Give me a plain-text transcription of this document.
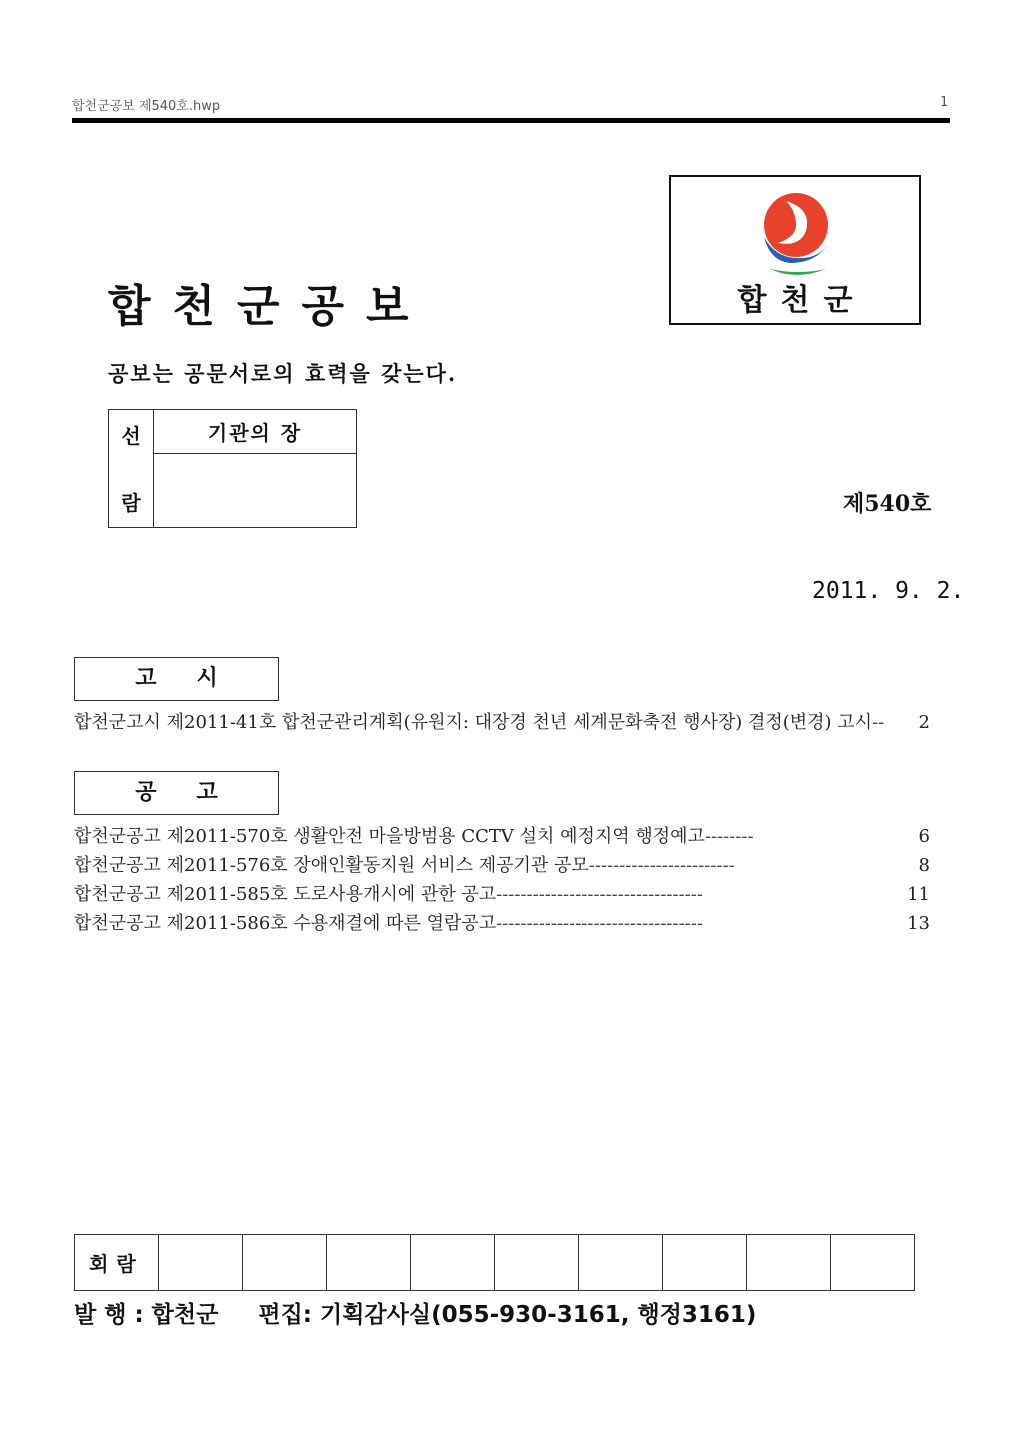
합천군공보 제540호.hwp	1
합천군공보
공보는 공문서로의 효력을 갖는다.
합천군
선
람
	기관의 장

제540호
2011. 9. 2.
고시
합천군고시 제2011-41호 합천군관리계획(유원지: 대장경 천년 세계문화축전 행사장) 결정(변경) 고시 --	2
공고
합천군공고 제2011-570호 생활안전 마을방범용 CCTV 설치 예정지역 행정예고 --------	6
합천군공고 제2011-576호 장애인활동지원 서비스 제공기관 공모 ------------------------	8
합천군공고 제2011-585호 도로사용개시에 관한 공고 ----------------------------------	11
합천군공고 제2011-586호 수용재결에 따른 열람공고 ----------------------------------	13
회람									
발 행 : 합천군     편집: 기획감사실(055-930-3161, 행정3161)
